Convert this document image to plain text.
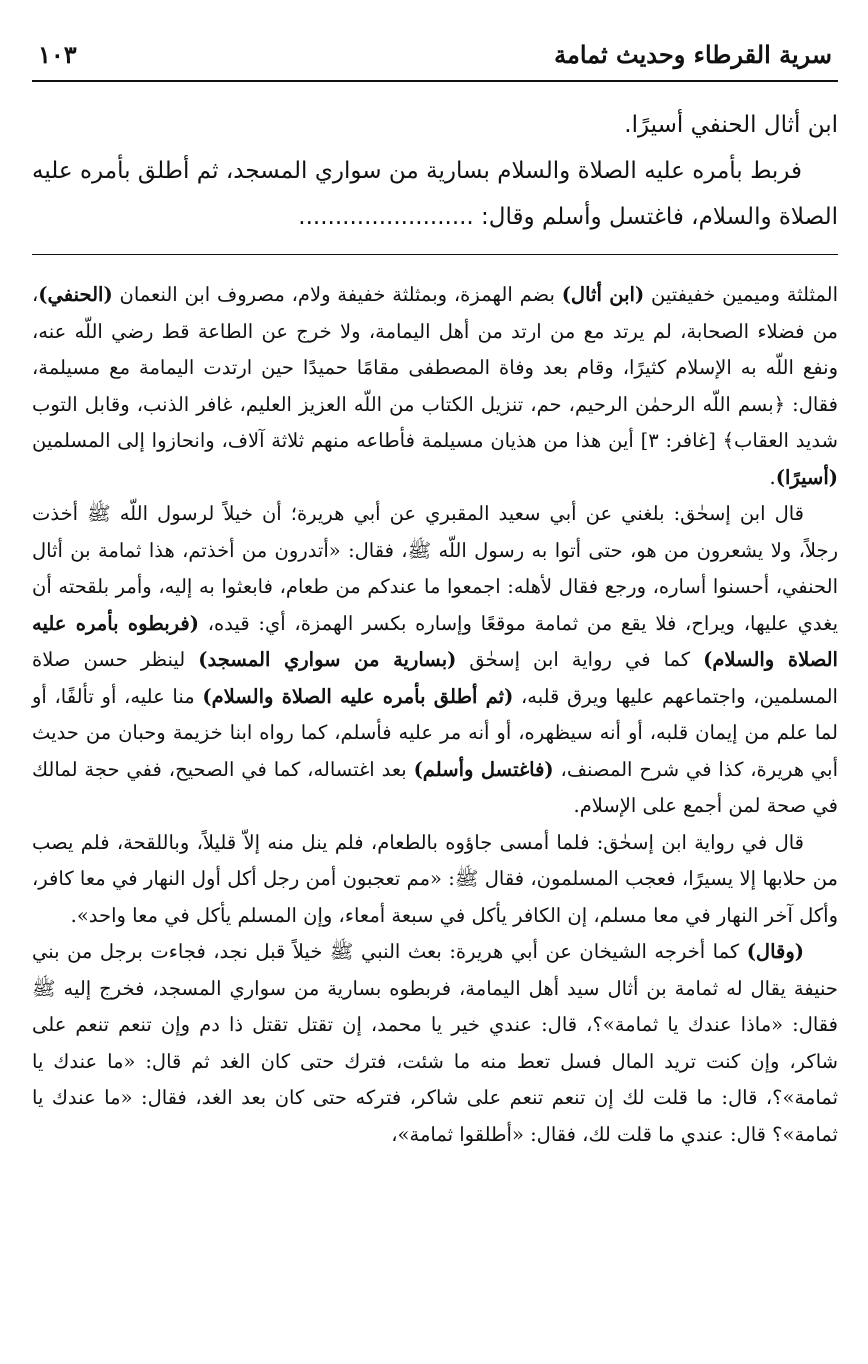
سرية القرطاء وحديث ثمامة
١٠٣

ابن أثال الحنفي أسيرًا.

فربط بأمره عليه الصلاة والسلام بسارية من سواري المسجد، ثم أطلق بأمره عليه الصلاة والسلام، فاغتسل وأسلم وقال: ........................

المثلثة وميمين خفيفتين (ابن أثال) بضم الهمزة، وبمثلثة خفيفة ولام، مصروف ابن النعمان (الحنفي)، من فضلاء الصحابة، لم يرتد مع من ارتد من أهل اليمامة، ولا خرج عن الطاعة قط رضي اللّه عنه، ونفع اللّه به الإسلام كثيرًا، وقام بعد وفاة المصطفى مقامًا حميدًا حين ارتدت اليمامة مع مسيلمة، فقال: ﴿بسم اللّه الرحمٰن الرحيم، حم، تنزيل الكتاب من اللّه العزيز العليم، غافر الذنب، وقابل التوب شديد العقاب﴾ [غافر: ٣] أين هذا من هذيان مسيلمة فأطاعه منهم ثلاثة آلاف، وانحازوا إلى المسلمين (أسيرًا).

قال ابن إسحٰق: بلغني عن أبي سعيد المقبري عن أبي هريرة؛ أن خيلاً لرسول اللّه ﷺ أخذت رجلاً، ولا يشعرون من هو، حتى أتوا به رسول اللّه ﷺ، فقال: «أتدرون من أخذتم، هذا ثمامة بن أثال الحنفي، أحسنوا أساره، ورجع فقال لأهله: اجمعوا ما عندكم من طعام، فابعثوا به إليه، وأمر بلقحته أن يغدي عليها، ويراح، فلا يقع من ثمامة موقعًا وإساره بكسر الهمزة، أي: قيده، (فربطوه بأمره عليه الصلاة والسلام) كما في رواية ابن إسحٰق (بسارية من سواري المسجد) لينظر حسن صلاة المسلمين، واجتماعهم عليها ويرق قلبه، (ثم أطلق بأمره عليه الصلاة والسلام) منا عليه، أو تألفًا، أو لما علم من إيمان قلبه، أو أنه سيظهره، أو أنه مر عليه فأسلم، كما رواه ابنا خزيمة وحبان من حديث أبي هريرة، كذا في شرح المصنف، (فاغتسل وأسلم) بعد اغتساله، كما في الصحيح، ففي حجة لمالك في صحة لمن أجمع على الإسلام.

قال في رواية ابن إسحٰق: فلما أمسى جاؤوه بالطعام، فلم ينل منه إلاّ قليلاً، وباللقحة، فلم يصب من حلابها إلا يسيرًا، فعجب المسلمون، فقال ﷺ: «مم تعجبون أمن رجل أكل أول النهار في معا كافر، وأكل آخر النهار في معا مسلم، إن الكافر يأكل في سبعة أمعاء، وإن المسلم يأكل في معا واحد».

(وقال) كما أخرجه الشيخان عن أبي هريرة: بعث النبي ﷺ خيلاً قبل نجد، فجاءت برجل من بني حنيفة يقال له ثمامة بن أثال سيد أهل اليمامة، فربطوه بسارية من سواري المسجد، فخرج إليه ﷺ فقال: «ماذا عندك يا ثمامة»؟، قال: عندي خير يا محمد، إن تقتل تقتل ذا دم وإن تنعم تنعم على شاكر، وإن كنت تريد المال فسل تعط منه ما شئت، فترك حتى كان الغد ثم قال: «ما عندك يا ثمامة»؟، قال: ما قلت لك إن تنعم تنعم على شاكر، فتركه حتى كان بعد الغد، فقال: «ما عندك يا ثمامة»؟ قال: عندي ما قلت لك، فقال: «أطلقوا ثمامة»،
